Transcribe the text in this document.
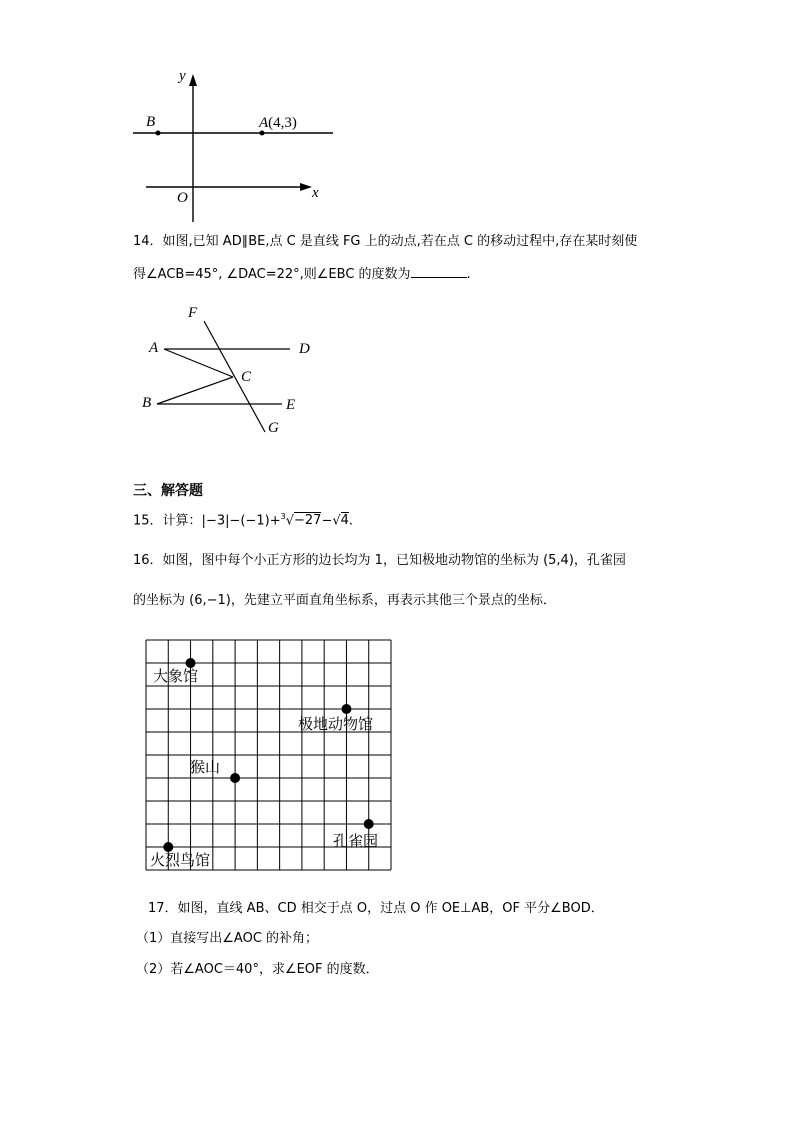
y
x
O
B	A(4,3)
14．如图,已知 AD∥BE,点 C 是直线 FG 上的动点,若在点 C 的移动过程中,存在某时刻使
得∠ACB=45°, ∠DAC=22°,则∠EBC 的度数为	.
F
A	D
C
B	E
G
三、解答题
15．计算：|−3|−(−1)+$^3$√−27−√4.
16．如图，图中每个小正方形的边长均为 1，已知极地动物馆的坐标为 (5,4)，孔雀园
的坐标为 (6,−1)，先建立平面直角坐标系，再表示其他三个景点的坐标．
大象馆
极地动物馆
猴山
孔雀园
火烈鸟馆
17．如图，直线 AB、CD 相交于点 O，过点 O 作 OE⊥AB，OF 平分∠BOD．
（1）直接写出∠AOC 的补角；
（2）若∠AOC＝40°，求∠EOF 的度数．
